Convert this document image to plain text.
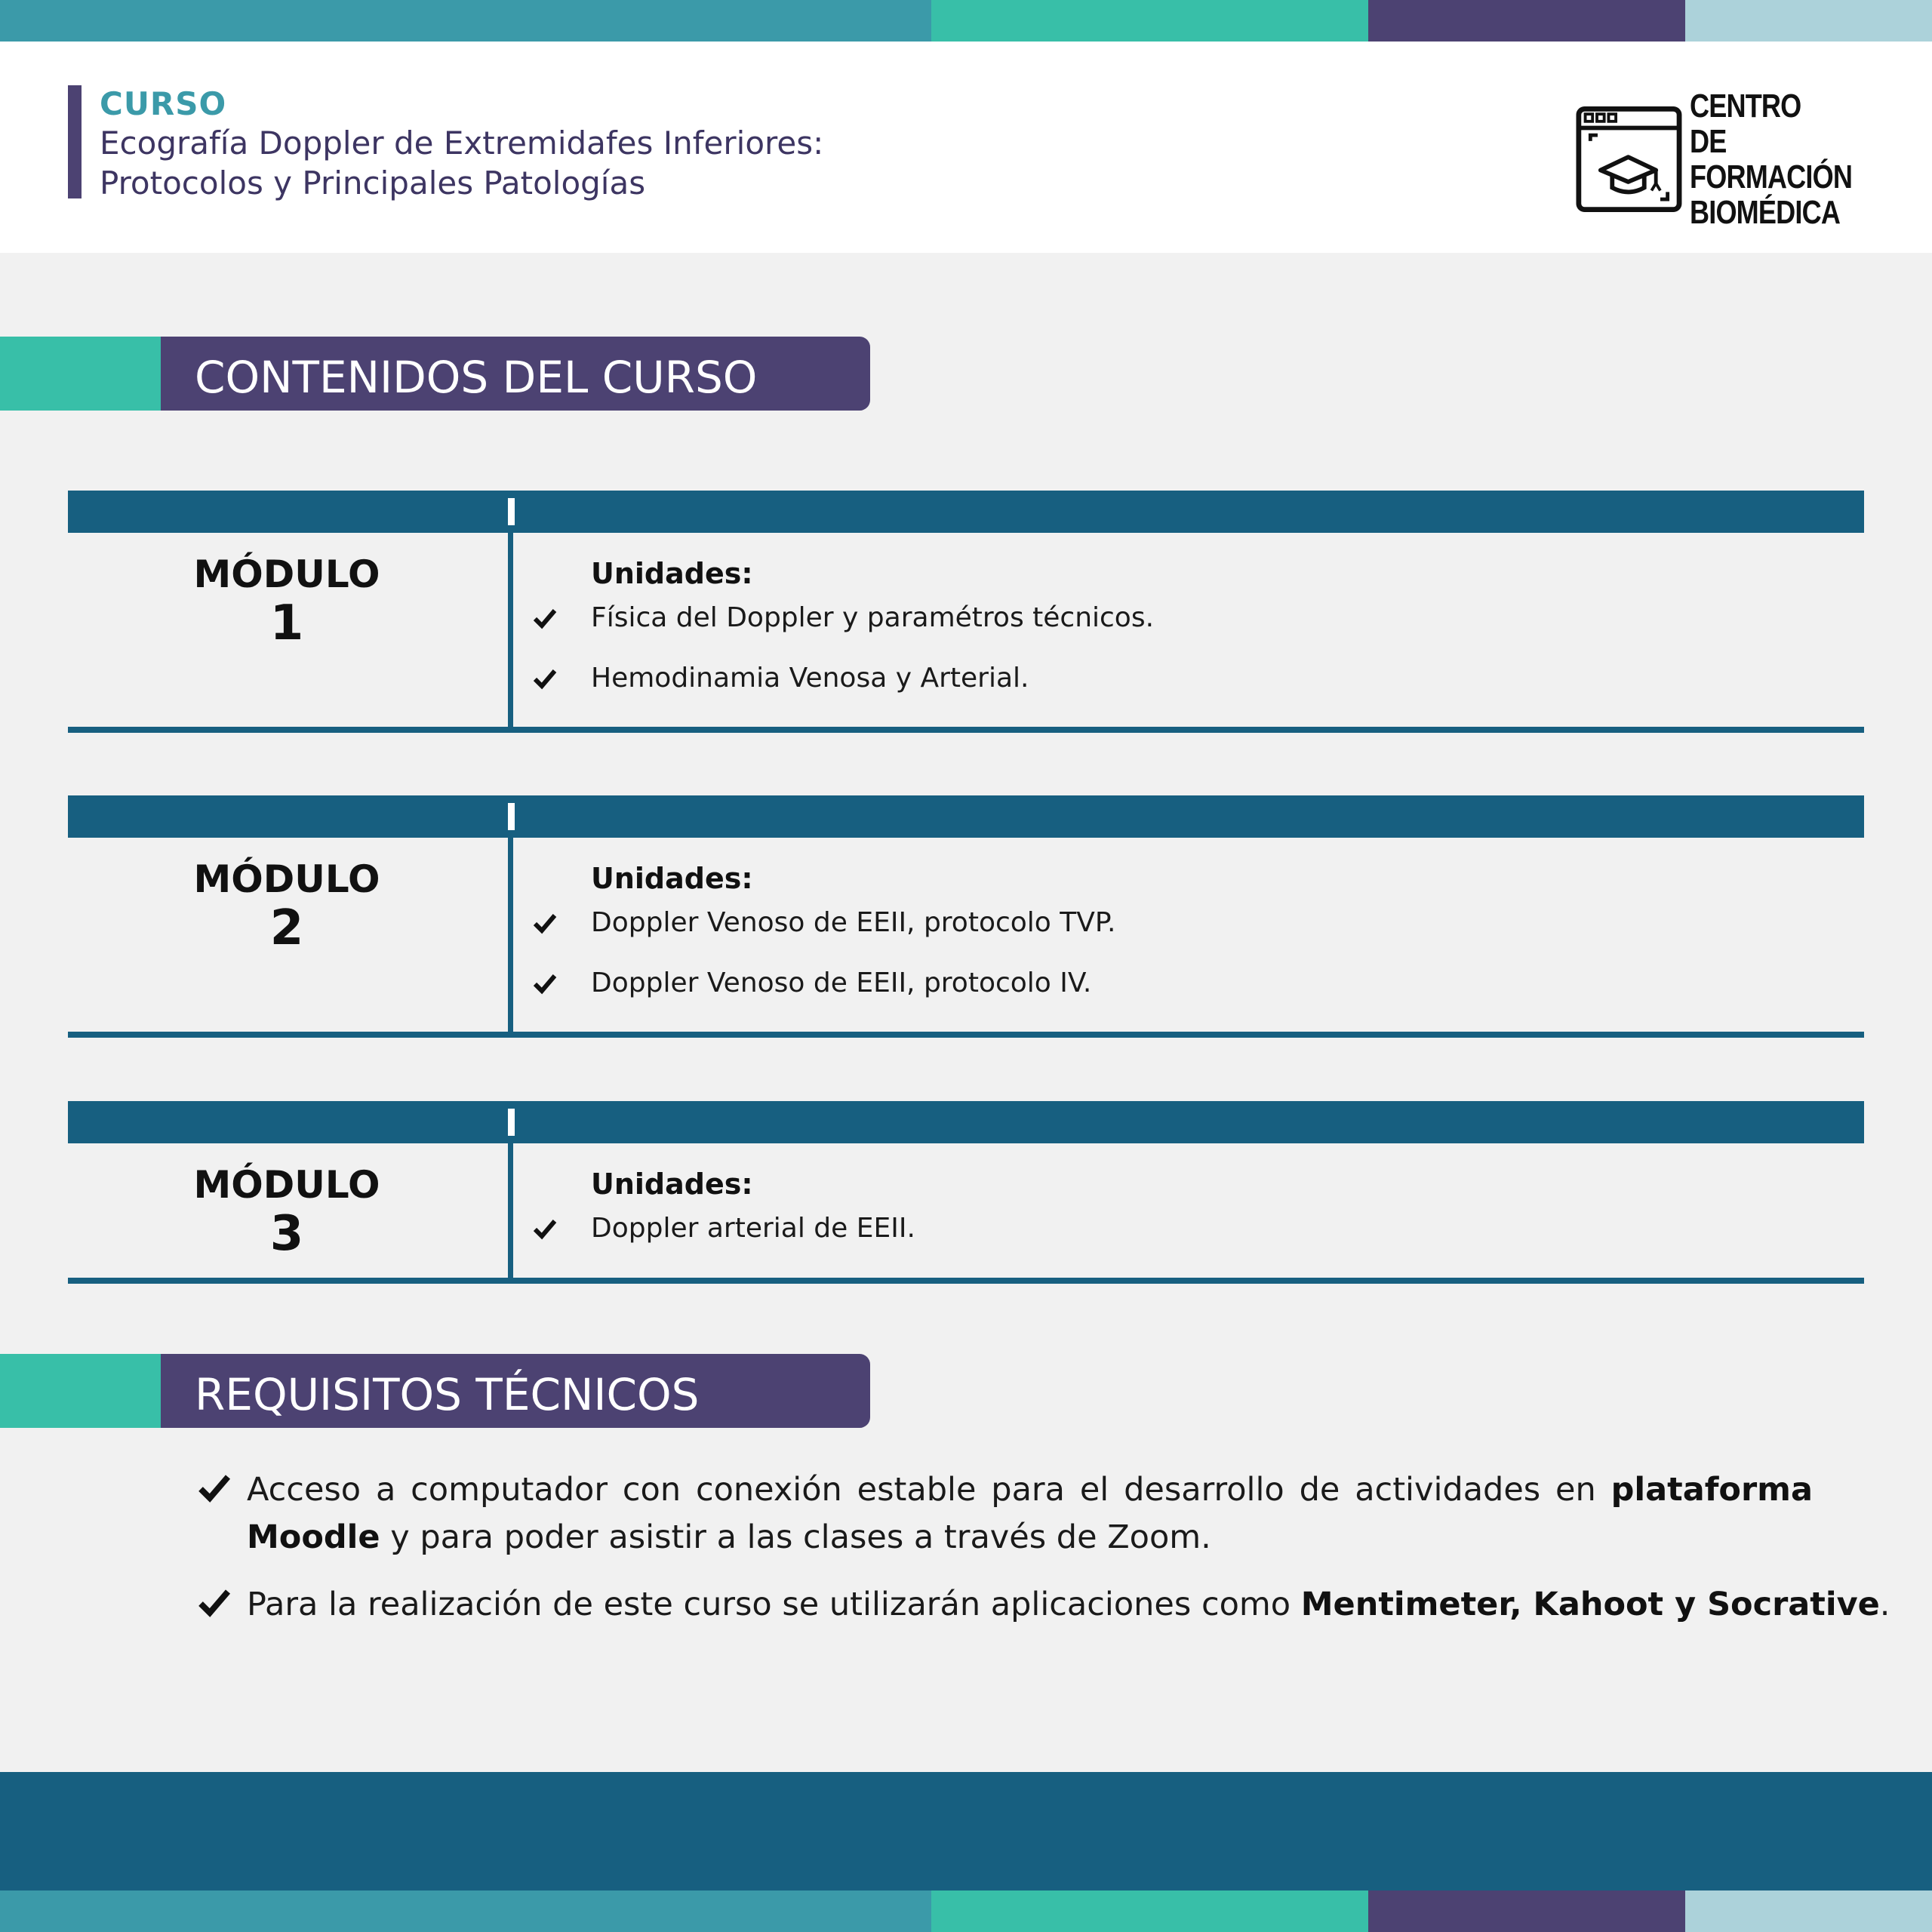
CURSO
Ecografía Doppler de Extremidafes Inferiores:
Protocolos y Principales Patologías
CENTRO
DE FORMACIÓN
BIOMÉDICA
CONTENIDOS DEL CURSO
MÓDULO
1
Unidades:
Física del Doppler y paramétros técnicos.
Hemodinamia Venosa y Arterial.
MÓDULO
2
Unidades:
Doppler Venoso de EEII, protocolo TVP.
Doppler Venoso de EEII, protocolo IV.
MÓDULO
3
Unidades:
Doppler arterial de EEII.
REQUISITOS TÉCNICOS
Acceso a computador con conexión estable para el desarrollo de actividades en plataforma Moodle y para poder asistir a las clases a través de Zoom.
Para la realización de este curso se utilizarán aplicaciones como Mentimeter, Kahoot y Socrative.
